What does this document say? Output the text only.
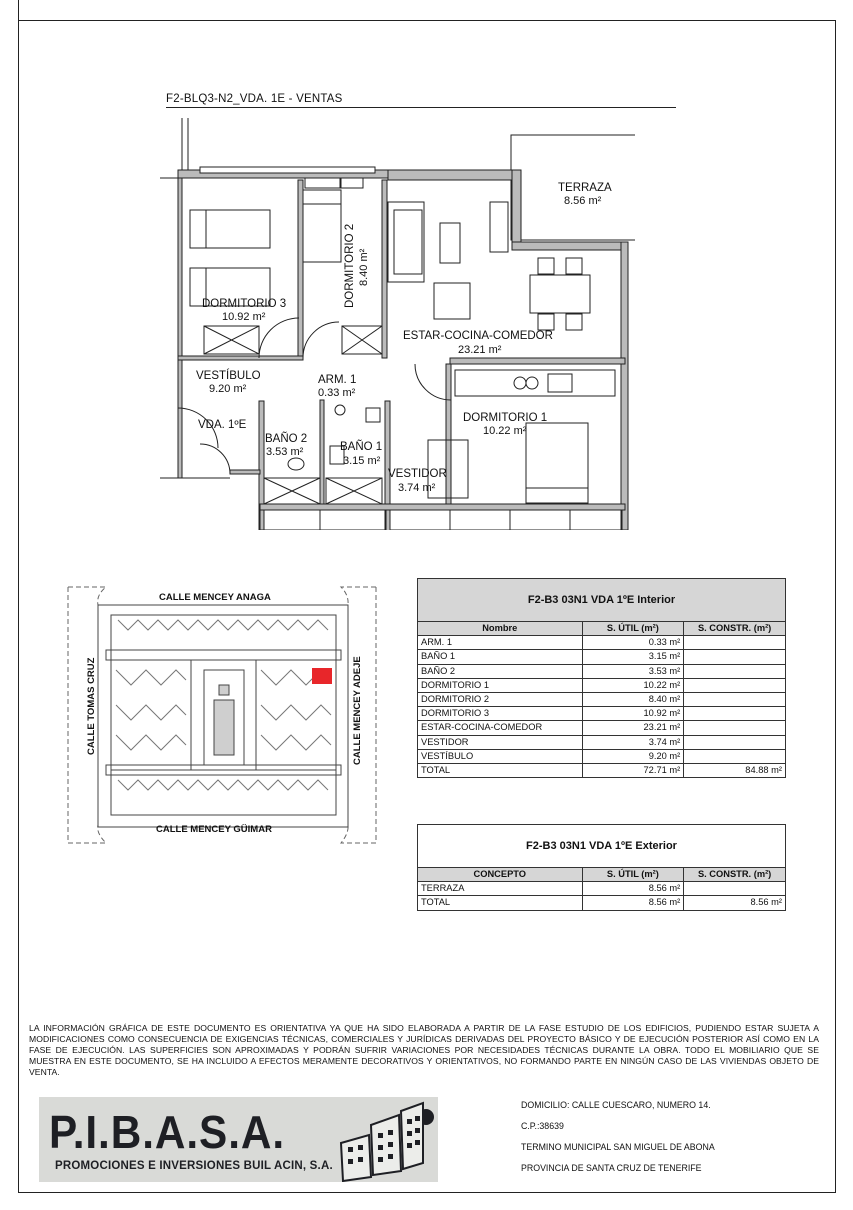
F2-BLQ3-N2_VDA. 1E - VENTAS
TERRAZA
8.56 m²
DORMITORIO 2 8.40 m²
DORMITORIO 3
10.92 m²
ESTAR-COCINA-COMEDOR
23.21 m²
VESTÍBULO
9.20 m²
ARM. 1
0.33 m²
VDA. 1ºE
BAÑO 2
3.53 m²	BAÑO 1
3.15 m²
DORMITORIO 1
10.22 m²
VESTIDOR
3.74 m²
CALLE MENCEY ANAGA
CALLE TOMAS CRUZ	CALLE MENCEY ADEJE
CALLE MENCEY GÜIMAR
F2-B3 03N1 VDA 1ºE Interior		
Nombre	S. ÚTIL (m²)	S. CONSTR. (m²)
ARM. 1	0.33 m²	
BAÑO 1	3.15 m²	
BAÑO 2	3.53 m²	
DORMITORIO 1	10.22 m²	
DORMITORIO 2	8.40 m²	
DORMITORIO 3	10.92 m²	
ESTAR-COCINA-COMEDOR	23.21 m²	
VESTIDOR	3.74 m²	
VESTÍBULO	9.20 m²	
TOTAL	72.71 m²	84.88 m²
F2-B3 03N1 VDA 1ºE Exterior		
CONCEPTO	S. ÚTIL (m²)	S. CONSTR. (m²)
TERRAZA	8.56 m²	
TOTAL	8.56 m²	8.56 m²
LA INFORMACIÓN GRÁFICA DE ESTE DOCUMENTO ES ORIENTATIVA YA QUE HA SIDO ELABORADA A PARTIR DE LA FASE ESTUDIO DE LOS EDIFICIOS, PUDIENDO ESTAR SUJETA A MODIFICACIONES COMO CONSECUENCIA DE EXIGENCIAS TÉCNICAS, COMERCIALES Y JURÍDICAS DERIVADAS DEL PROYECTO BÁSICO Y DE EJECUCIÓN POSTERIOR ASÍ COMO EN LA FASE DE EJECUCIÓN. LAS SUPERFICIES SON APROXIMADAS Y PODRÁN SUFRIR VARIACIONES POR NECESIDADES TÉCNICAS DURANTE LA OBRA. TODO EL MOBILIARIO QUE SE MUESTRA EN ESTE DOCUMENTO, SE HA INCLUIDO A EFECTOS MERAMENTE DECORATIVOS Y ORIENTATIVOS, NO FORMANDO PARTE EN NINGÚN CASO DE LAS VIVIENDAS OBJETO DE VENTA.
P.I.B.A.S.A.
PROMOCIONES E INVERSIONES BUIL ACIN, S.A.
DOMICILIO: CALLE CUESCARO, NUMERO 14.
C.P.:38639
TERMINO MUNICIPAL SAN MIGUEL DE ABONA
PROVINCIA DE SANTA CRUZ DE TENERIFE
